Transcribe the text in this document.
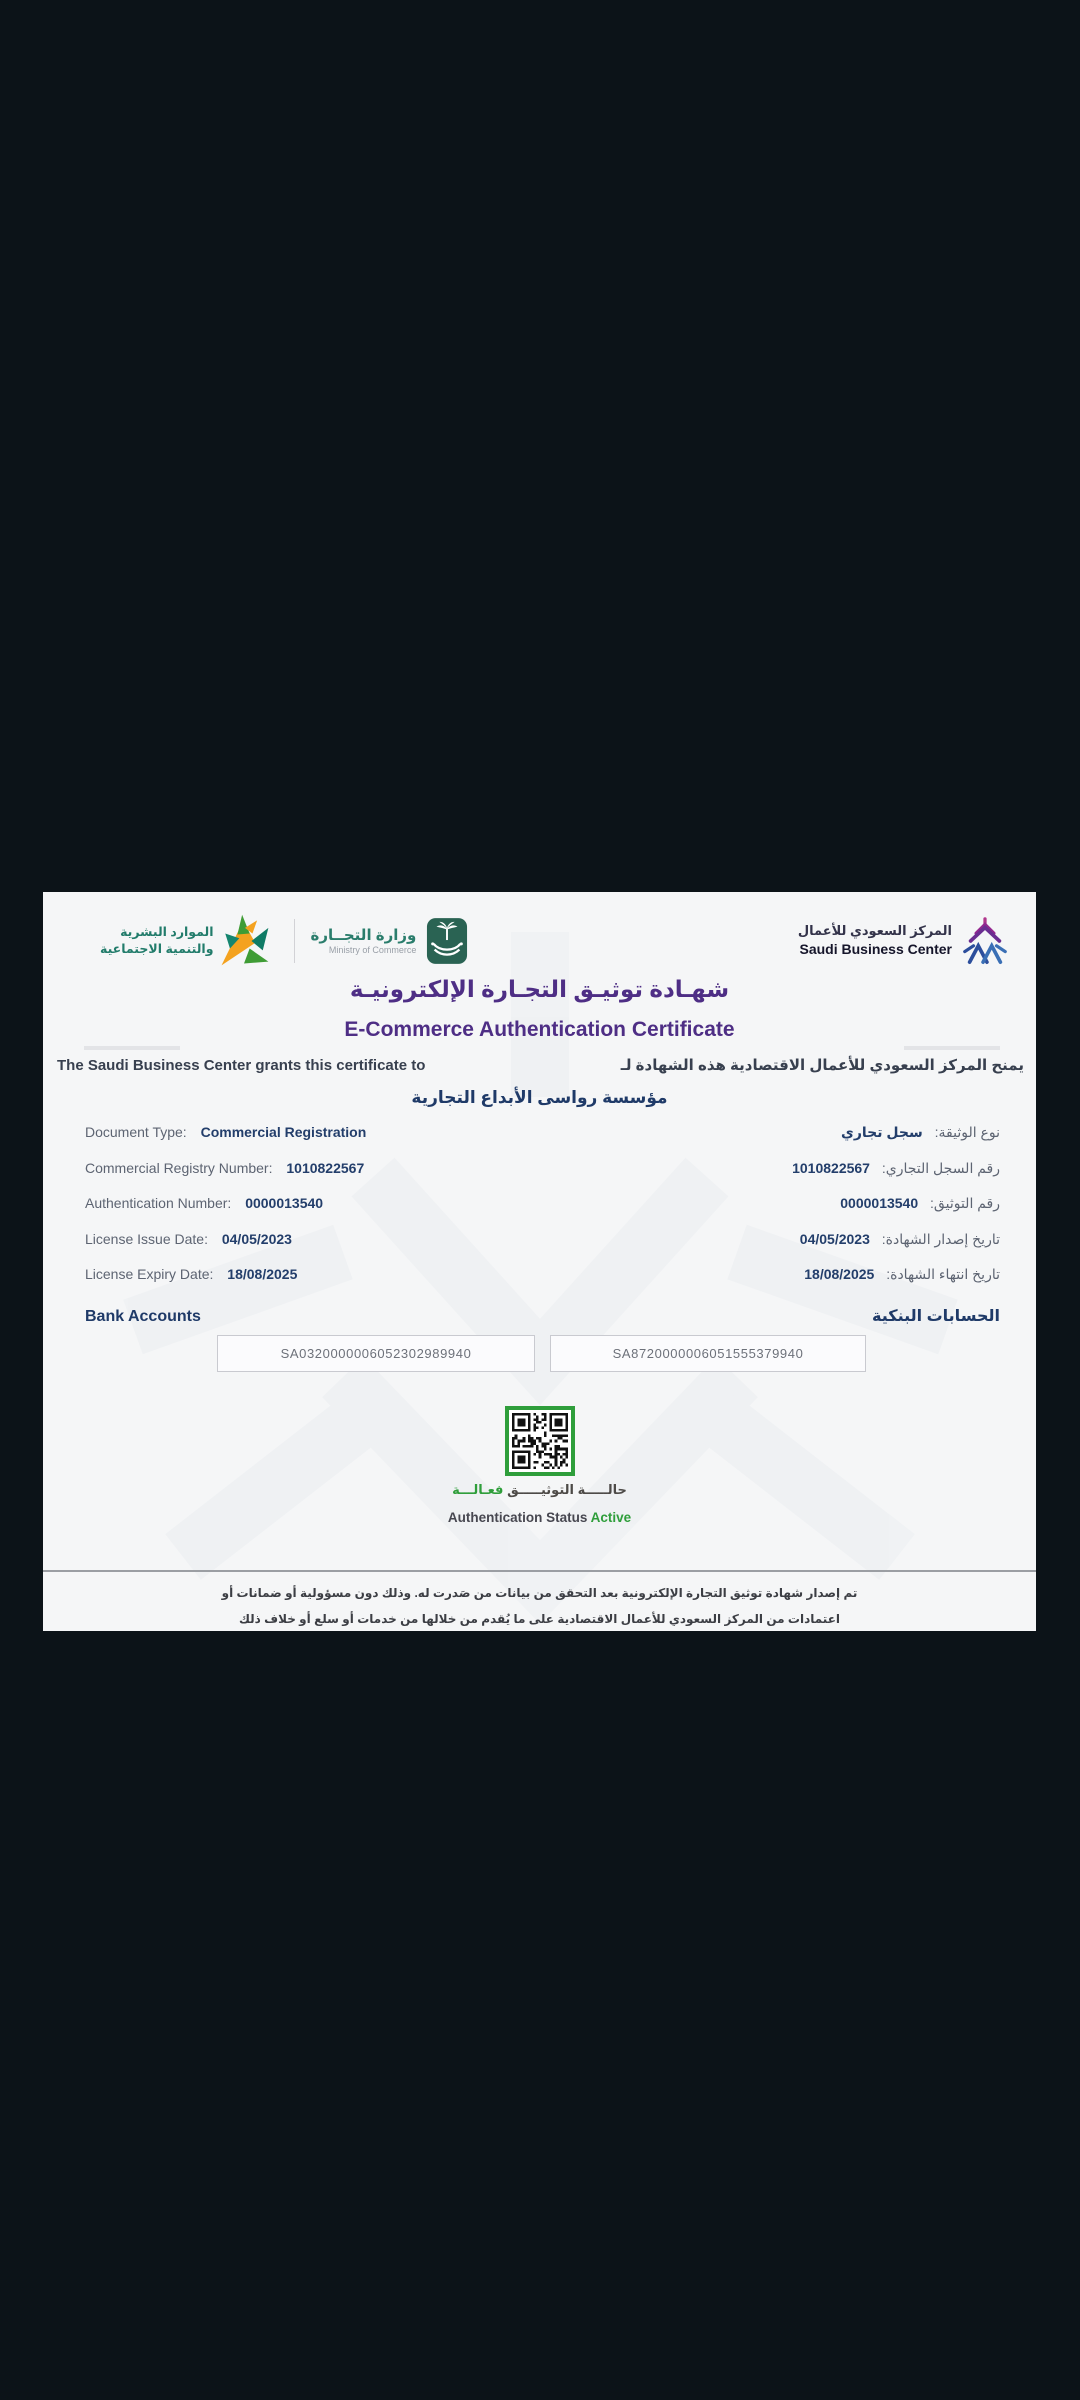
الموارد البشرية
والتنمية الاجتماعية
وزارة التجــارة
Ministry of Commerce
المركز السعودي للأعمال
Saudi Business Center
شهـادة توثيـق التجـارة الإلكترونيـة
E-Commerce Authentication Certificate
The Saudi Business Center grants this certificate to	يمنح المركز السعودي للأعمال الاقتصادية هذه الشهادة لـ
مؤسسة رواسى الأبداع التجارية
Document Type: Commercial Registration	نوع الوثيقة: سجل تجاري
Commercial Registry Number: 1010822567	رقم السجل التجاري: 1010822567
Authentication Number: 0000013540	رقم التوثيق: 0000013540
License Issue Date: 04/05/2023	تاريخ إصدار الشهادة: 04/05/2023
License Expiry Date: 18/08/2025	تاريخ انتهاء الشهادة: 18/08/2025
Bank Accounts	الحسابات البنكية
SA0320000006052302989940	SA8720000006051555379940
حالـــــة التوثيـــــق فعـالـــة
Authentication Status Active
تم إصدار شهادة توثيق التجارة الإلكترونية بعد التحقق من بيانات من صَدرت له. وذلك دون مسؤولية أو ضمانات أو
اعتمادات من المركز السعودي للأعمال الاقتصادية على ما يُقدم من خلالها من خدمات أو سلع أو خلاف ذلك
